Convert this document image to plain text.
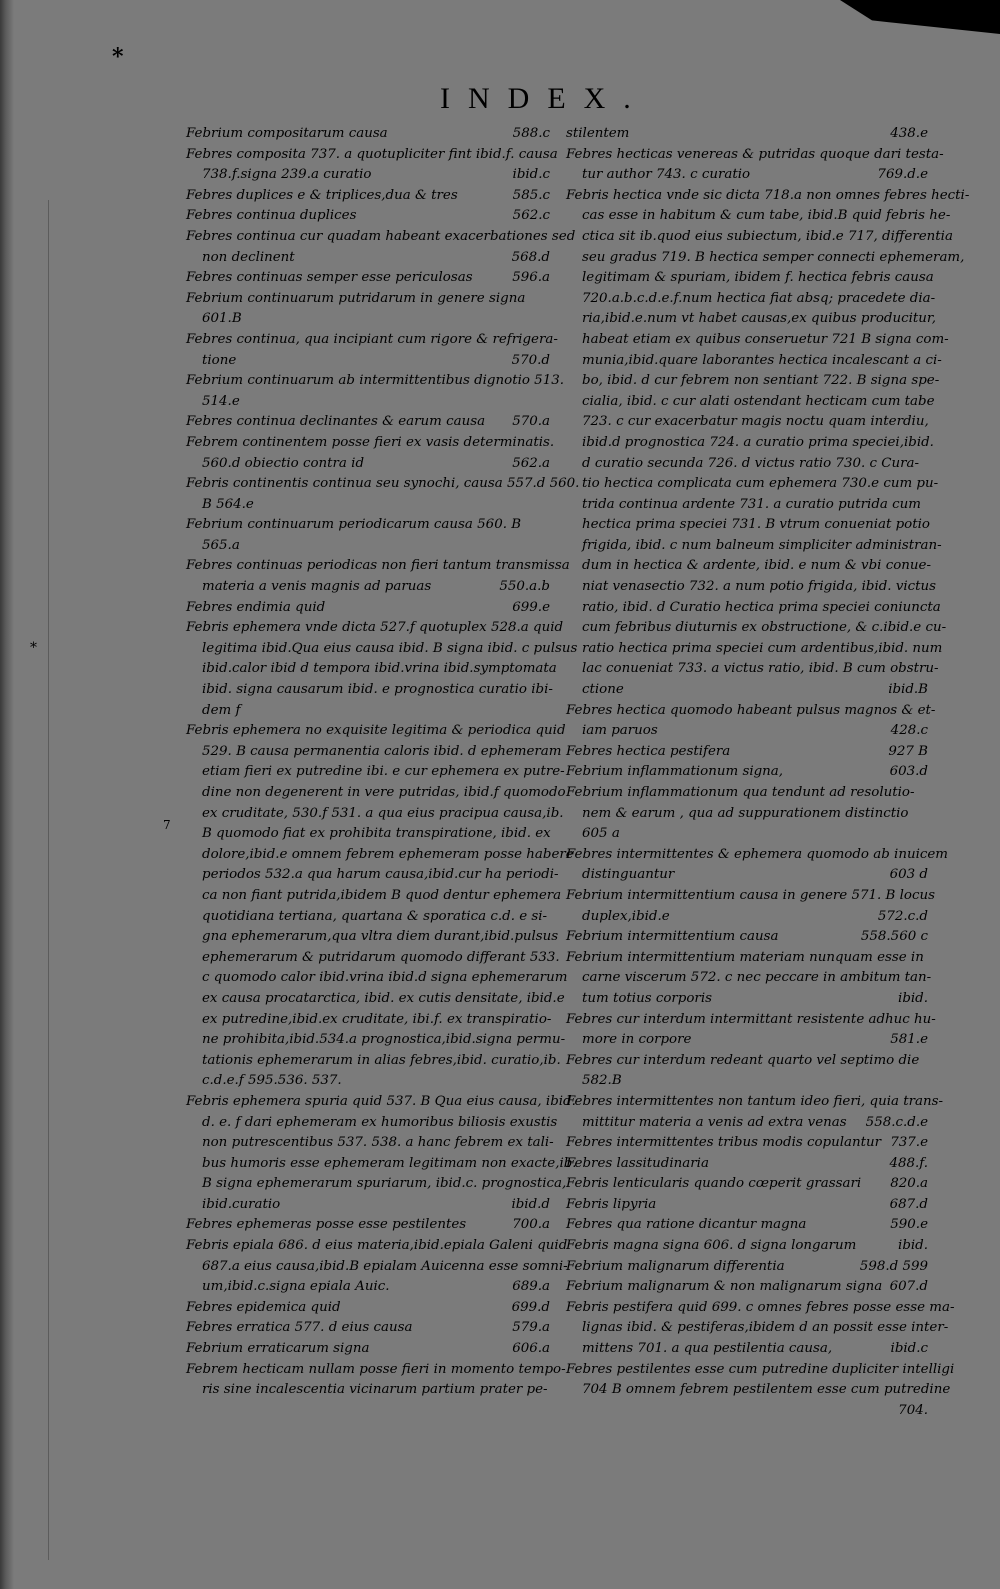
*
*
7
INDEX.
Febrium compositarum causa	588.c
Febres composita 737. a quotupliciter fint ibid.f. causa
738.f.signa 239.a curatio	ibid.c
Febres duplices e & triplices,dua & tres	585.c
Febres continua duplices	562.c
Febres continua cur quadam habeant exacerbationes sed
non declinent	568.d
Febres continuas semper esse periculosas	596.a
Febrium continuarum putridarum in genere signa
601.B
Febres continua, qua incipiant cum rigore & refrigera-
tione	570.d
Febrium continuarum ab intermittentibus dignotio 513.
514.e
Febres continua declinantes & earum causa	570.a
Febrem continentem posse fieri ex vasis determinatis.
560.d obiectio contra id	562.a
Febris continentis continua seu synochi, causa 557.d 560.
B 564.e
Febrium continuarum periodicarum causa 560. B
565.a
Febres continuas periodicas non fieri tantum transmissa
materia a venis magnis ad paruas	550.a.b
Febres endimia quid	699.e
Febris ephemera vnde dicta 527.f quotuplex 528.a quid
legitima ibid.Qua eius causa ibid. B signa ibid. c pulsus
ibid.calor ibid d tempora ibid.vrina ibid.symptomata
ibid. signa causarum ibid. e prognostica curatio ibi-
dem f
Febris ephemera no exquisite legitima & periodica quid
529. B causa permanentia caloris ibid. d ephemeram
etiam fieri ex putredine ibi. e cur ephemera ex putre-
dine non degenerent in vere putridas, ibid.f quomodo
ex cruditate, 530.f 531. a qua eius pracipua causa,ib.
B quomodo fiat ex prohibita transpiratione, ibid. ex
dolore,ibid.e omnem febrem ephemeram posse habere
periodos 532.a qua harum causa,ibid.cur ha periodi-
ca non fiant putrida,ibidem B quod dentur ephemera
quotidiana tertiana, quartana & sporatica c.d. e si-
gna ephemerarum,qua vltra diem durant,ibid.pulsus
ephemerarum & putridarum quomodo differant 533.
c quomodo calor ibid.vrina ibid.d signa ephemerarum
ex causa procatarctica, ibid. ex cutis densitate, ibid.e
ex putredine,ibid.ex cruditate, ibi.f. ex transpiratio-
ne prohibita,ibid.534.a prognostica,ibid.signa permu-
tationis ephemerarum in alias febres,ibid. curatio,ib.
c.d.e.f 595.536. 537.
Febris ephemera spuria quid 537. B Qua eius causa, ibid.
d. e. f dari ephemeram ex humoribus biliosis exustis
non putrescentibus 537. 538. a hanc febrem ex tali-
bus humoris esse ephemeram legitimam non exacte,ib.
B signa ephemerarum spuriarum, ibid.c. prognostica,
ibid.curatio	ibid.d
Febres ephemeras posse esse pestilentes	700.a
Febris epiala 686. d eius materia,ibid.epiala Galeni quid
687.a eius causa,ibid.B epialam Auicenna esse somni-
um,ibid.c.signa epiala Auic.	689.a
Febres epidemica quid	699.d
Febres erratica 577. d eius causa	579.a
Febrium erraticarum signa	606.a
Febrem hecticam nullam posse fieri in momento tempo-
ris sine incalescentia vicinarum partium prater pe-
stilentem	438.e
Febres hecticas venereas & putridas quoque dari testa-
tur author 743. c curatio	769.d.e
Febris hectica vnde sic dicta 718.a non omnes febres hecti-
cas esse in habitum & cum tabe, ibid.B quid febris he-
ctica sit ib.quod eius subiectum, ibid.e 717, differentia
seu gradus 719. B hectica semper connecti ephemeram,
legitimam & spuriam, ibidem f. hectica febris causa
720.a.b.c.d.e.f.num hectica fiat absq; pracedete dia-
ria,ibid.e.num vt habet causas,ex quibus producitur,
habeat etiam ex quibus conseruetur 721 B signa com-
munia,ibid.quare laborantes hectica incalescant a ci-
bo, ibid. d cur febrem non sentiant 722. B signa spe-
cialia, ibid. c cur alati ostendant hecticam cum tabe
723. c cur exacerbatur magis noctu quam interdiu,
ibid.d prognostica 724. a curatio prima speciei,ibid.
d curatio secunda 726. d victus ratio 730. c Cura-
tio hectica complicata cum ephemera 730.e cum pu-
trida continua ardente 731. a curatio putrida cum
hectica prima speciei 731. B vtrum conueniat potio
frigida, ibid. c num balneum simpliciter administran-
dum in hectica & ardente, ibid. e num & vbi conue-
niat venasectio 732. a num potio frigida, ibid. victus
ratio, ibid. d Curatio hectica prima speciei coniuncta
cum febribus diuturnis ex obstructione, & c.ibid.e cu-
ratio hectica prima speciei cum ardentibus,ibid. num
lac conueniat 733. a victus ratio, ibid. B cum obstru-
ctione	ibid.B
Febres hectica quomodo habeant pulsus magnos & et-
iam paruos	428.c
Febres hectica pestifera	927 B
Febrium inflammationum signa,	603.d
Febrium inflammationum qua tendunt ad resolutio-
nem & earum , qua ad suppurationem distinctio
605 a
Febres intermittentes & ephemera quomodo ab inuicem
distinguantur	603 d
Febrium intermittentium causa in genere 571. B locus
duplex,ibid.e	572.c.d
Febrium intermittentium causa	558.560 c
Febrium intermittentium materiam nunquam esse in
carne viscerum 572. c nec peccare in ambitum tan-
tum totius corporis	ibid.
Febres cur interdum intermittant resistente adhuc hu-
more in corpore	581.e
Febres cur interdum redeant quarto vel septimo die
582.B
Febres intermittentes non tantum ideo fieri, quia trans-
mittitur materia a venis ad extra venas	558.c.d.e
Febres intermittentes tribus modis copulantur 737.e
Febres lassitudinaria	488.f.
Febris lenticularis quando cœperit grassari	820.a
Febris lipyria	687.d
Febres qua ratione dicantur magna	590.e
Febris magna signa 606. d signa longarum	ibid.
Febrium malignarum differentia	598.d 599
Febrium malignarum & non malignarum signa 607.d
Febris pestifera quid 699. c omnes febres posse esse ma-
lignas ibid. & pestiferas,ibidem d an possit esse inter-
mittens 701. a qua pestilentia causa,	ibid.c
Febres pestilentes esse cum putredine dupliciter intelligi
704 B omnem febrem pestilentem esse cum putredine
704.
